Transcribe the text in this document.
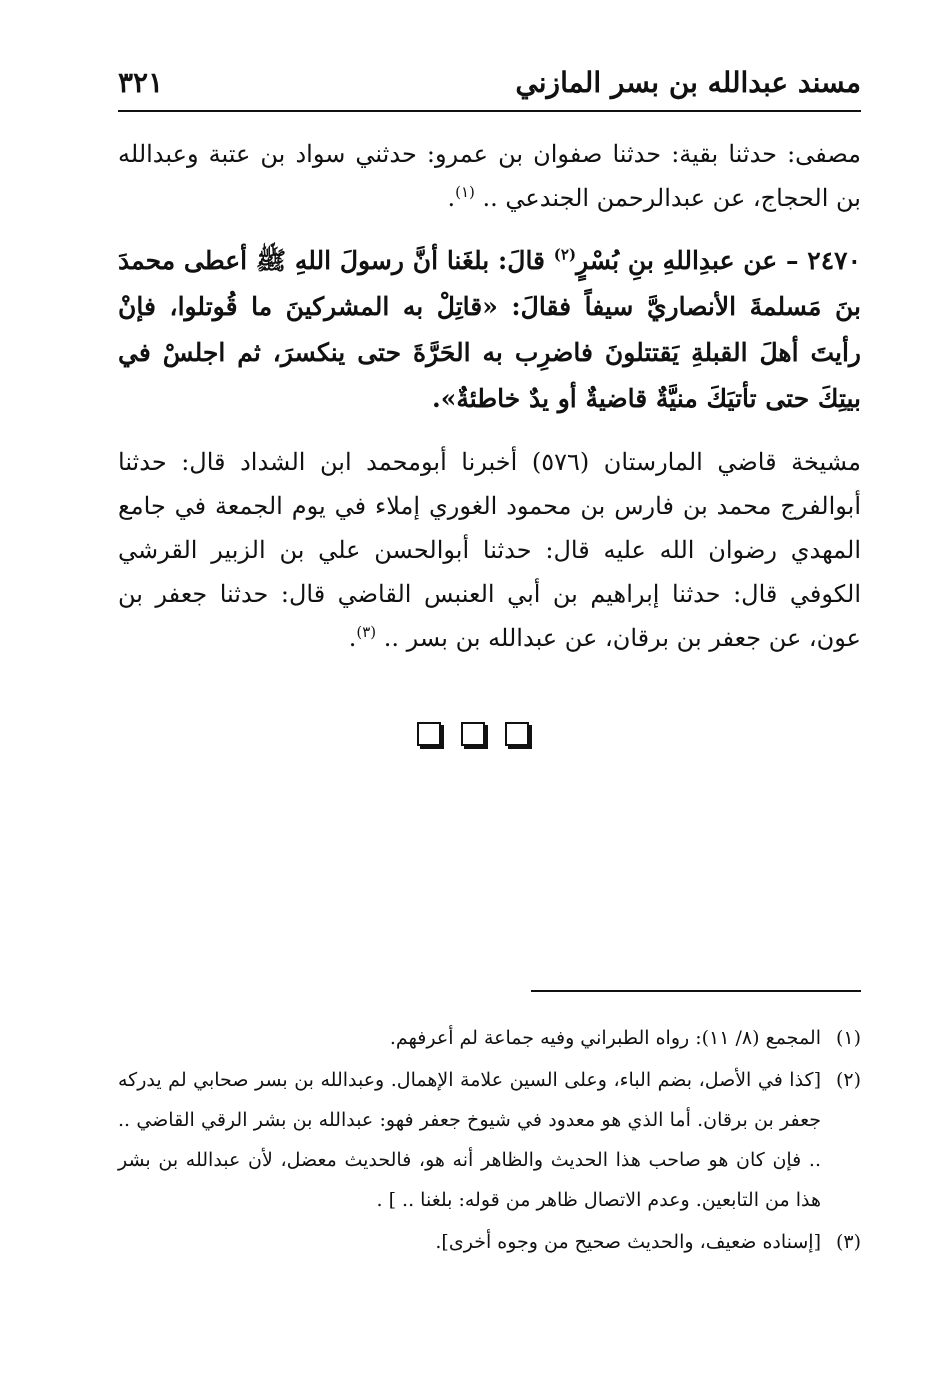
مسند عبدالله بن بسر المازني
٣٢١

مصفى: حدثنا بقية: حدثنا صفوان بن عمرو: حدثني سواد بن عتبة وعبدالله بن الحجاج، عن عبدالرحمن الجندعي .. $^{(١)}$.

٢٤٧٠ – عن عبدِاللهِ بنِ بُسْرٍ$^{(٢)}$ قالَ: بلغَنا أنَّ رسولَ اللهِ ﷺ أعطى محمدَ بنَ مَسلمةَ الأنصاريَّ سيفاً فقالَ: «قاتِلْ به المشركينَ ما قُوتلوا، فإنْ رأيتَ أهلَ القبلةِ يَقتتلونَ فاضرِب به الحَرَّةَ حتى ينكسرَ، ثم اجلسْ في بيتِكَ حتى تأتيَكَ منيَّةٌ قاضيةٌ أو يدٌ خاطئةٌ».

مشيخة قاضي المارستان (٥٧٦) أخبرنا أبومحمد ابن الشداد قال: حدثنا أبوالفرج محمد بن فارس بن محمود الغوري إملاء في يوم الجمعة في جامع المهدي رضوان الله عليه قال: حدثنا أبوالحسن علي بن الزبير القرشي الكوفي قال: حدثنا إبراهيم بن أبي العنبس القاضي قال: حدثنا جعفر بن عون، عن جعفر بن برقان، عن عبدالله بن بسر .. $^{(٣)}$.

(١)
المجمع (٨/ ١١): رواه الطبراني وفيه جماعة لم أعرفهم.
(٢)
[كذا في الأصل، بضم الباء، وعلى السين علامة الإهمال. وعبدالله بن بسر صحابي لم يدركه جعفر بن برقان. أما الذي هو معدود في شيوخ جعفر فهو: عبدالله بن بشر الرقي القاضي .. .. فإن كان هو صاحب هذا الحديث والظاهر أنه هو، فالحديث معضل، لأن عبدالله بن بشر هذا من التابعين. وعدم الاتصال ظاهر من قوله: بلغنا .. ] .
(٣)
[إسناده ضعيف، والحديث صحيح من وجوه أخرى].
